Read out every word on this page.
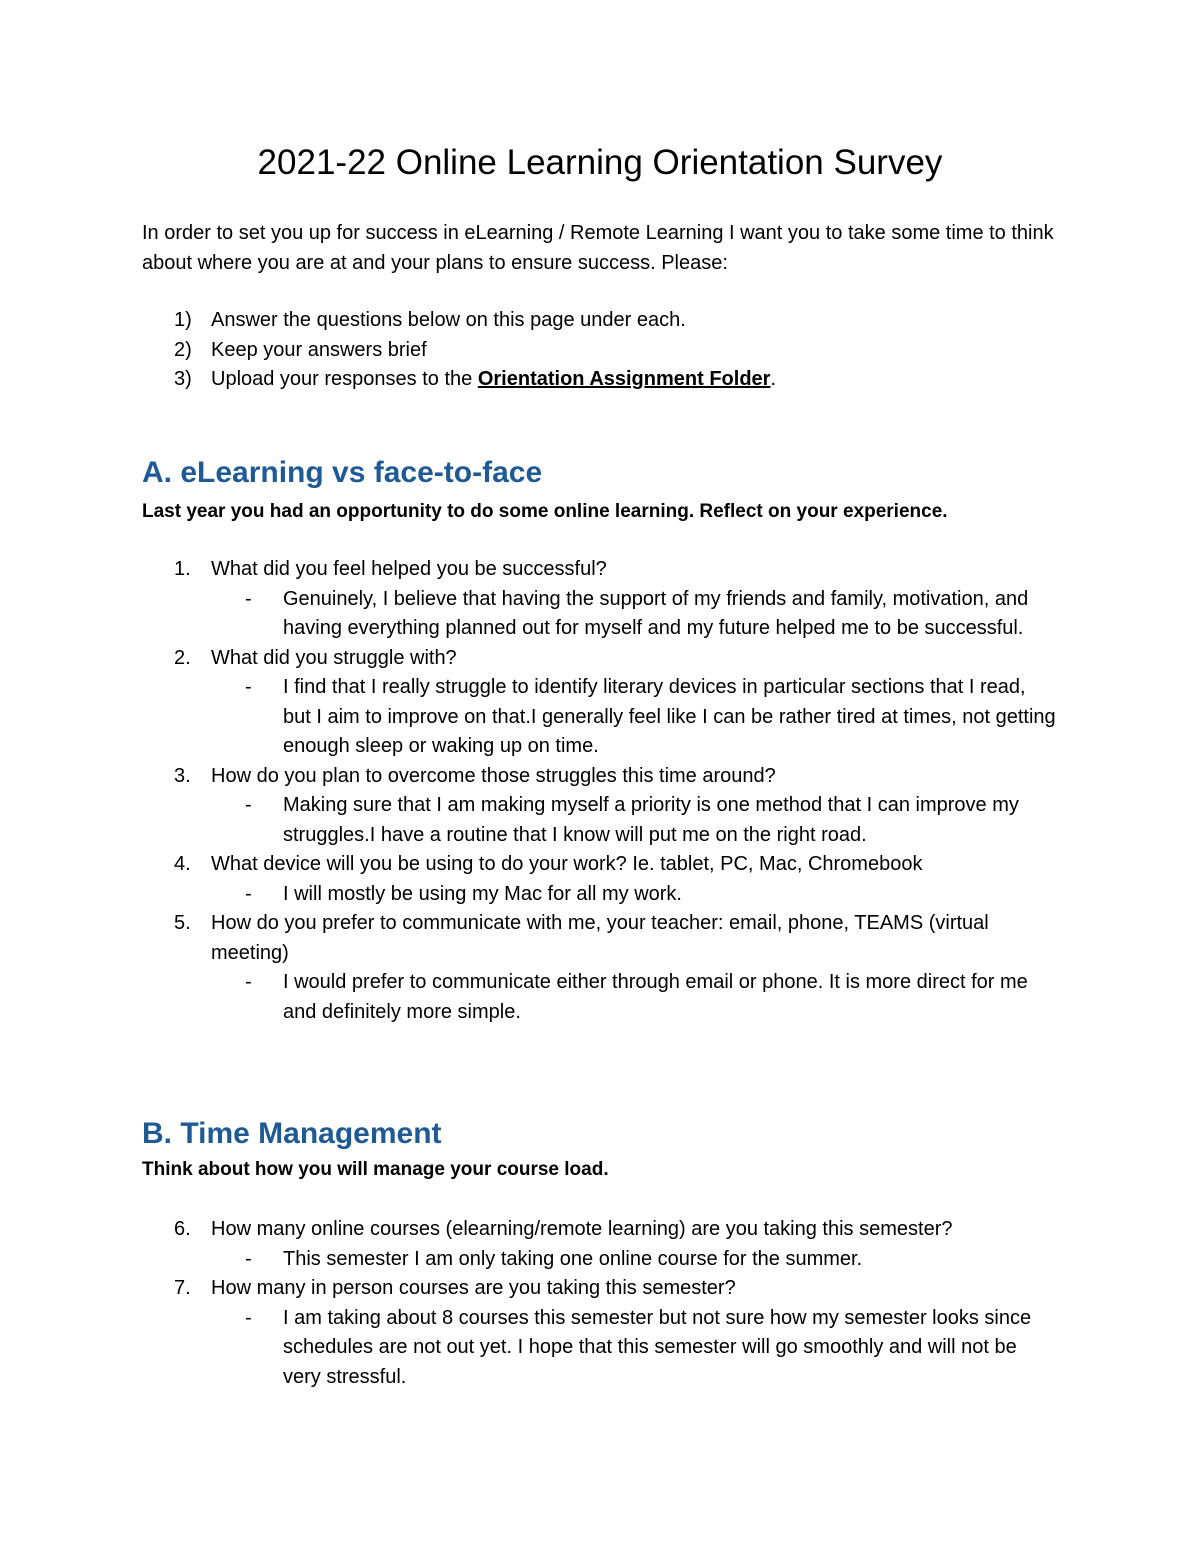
2021-22 Online Learning Orientation Survey

In order to set you up for success in eLearning / Remote Learning I want you to take some time to think about where you are at and your plans to ensure success. Please:

1) Answer the questions below on this page under each.
2) Keep your answers brief
3) Upload your responses to the Orientation Assignment Folder.
A. eLearning vs face-to-face

Last year you had an opportunity to do some online learning. Reflect on your experience.

1.	What did you feel helped you be successful?
- Genuinely, I believe that having the support of my friends and family, motivation, and having everything planned out for myself and my future helped me to be successful.
2.	What did you struggle with?
- I find that I really struggle to identify literary devices in particular sections that I read, but I aim to improve on that.I generally feel like I can be rather tired at times, not getting enough sleep or waking up on time.
3.	How do you plan to overcome those struggles this time around?
- Making sure that I am making myself a priority is one method that I can improve my struggles.I have a routine that I know will put me on the right road.
4.	What device will you be using to do your work? Ie. tablet, PC, Mac, Chromebook
- I will mostly be using my Mac for all my work.
5.	How do you prefer to communicate with me, your teacher: email, phone, TEAMS (virtual meeting)
- I would prefer to communicate either through email or phone. It is more direct for me and definitely more simple.
B. Time Management

Think about how you will manage your course load.

6.	How many online courses (elearning/remote learning) are you taking this semester?
- This semester I am only taking one online course for the summer.
7.	How many in person courses are you taking this semester?
- I am taking about 8 courses this semester but not sure how my semester looks since schedules are not out yet. I hope that this semester will go smoothly and will not be very stressful.
